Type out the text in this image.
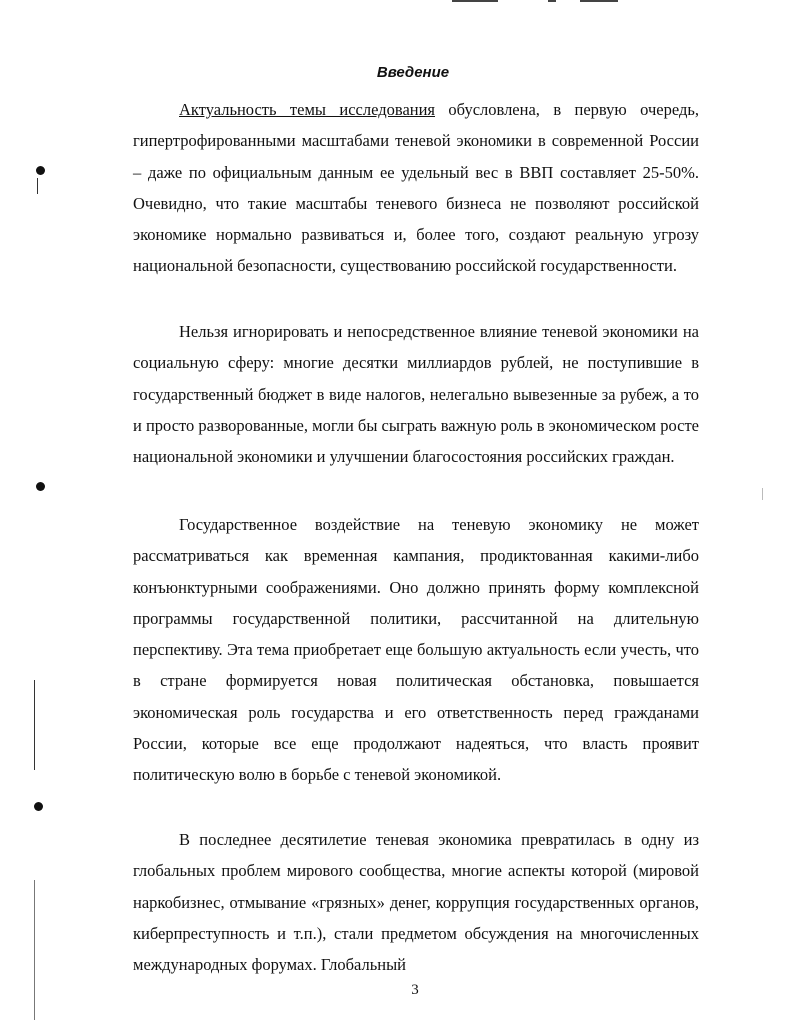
Введение

Актуальность темы исследования обусловлена, в первую очередь, гипертрофированными масштабами теневой экономики в современной России – даже по официальным данным ее удельный вес в ВВП составляет 25-50%. Очевидно, что такие масштабы теневого бизнеса не позволяют российской экономике нормально развиваться и, более того, создают реальную угрозу национальной безопасности, существованию российской государственности.

Нельзя игнорировать и непосредственное влияние теневой экономики на социальную сферу: многие десятки миллиардов рублей, не поступившие в государственный бюджет в виде налогов, нелегально вывезенные за рубеж, а то и просто разворованные, могли бы сыграть важную роль в экономическом росте национальной экономики и улучшении благосостояния российских граждан.

Государственное воздействие на теневую экономику не может рассматриваться как временная кампания, продиктованная какими-либо конъюнктурными соображениями. Оно должно принять форму комплексной программы государственной политики, рассчитанной на длительную перспективу. Эта тема приобретает еще большую актуальность если учесть, что в стране формируется новая политическая обстановка, повышается экономическая роль государства и его ответственность перед гражданами России, которые все еще продолжают надеяться, что власть проявит политическую волю в борьбе с теневой экономикой.

В последнее десятилетие теневая экономика превратилась в одну из глобальных проблем мирового сообщества, многие аспекты которой (мировой наркобизнес, отмывание «грязных» денег, коррупция государственных органов, киберпреступность и т.п.), стали предметом обсуждения на многочисленных международных форумах. Глобальный

3
